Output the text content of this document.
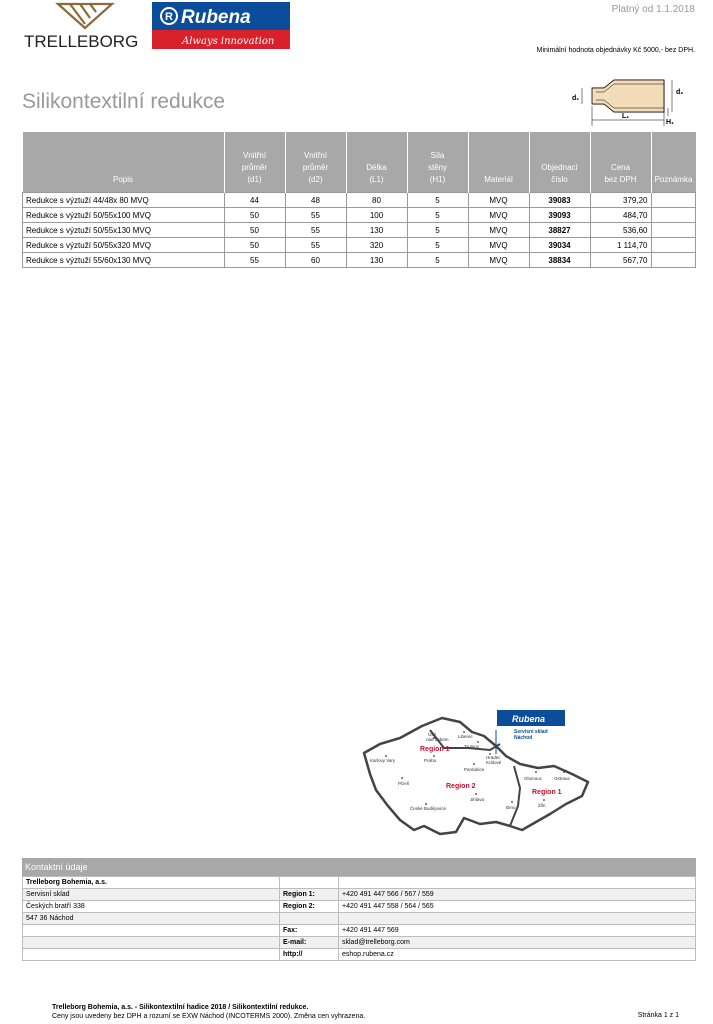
Platný od 1.1.2018
TRELLEBORG
R Rubena
Always innovation
Minimální hodnota objednávky Kč 5000,- bez DPH.
Silikontextilní redukce	d₁
d₂
L₁
H₁
Popis	Vnitřní
průměr
(d1)	Vnitřní
průměr
(d2)	Délka
(L1)	Síla
stěny
(H1)	Materiál	Objednací
číslo	Cena
bez DPH	Poznámka
Redukce s výztuží 44/48x 80 MVQ	44	48	80	5	MVQ	39083	379,20	
Redukce s výztuží 50/55x100 MVQ	50	55	100	5	MVQ	39093	484,70	
Redukce s výztuží 50/55x130 MVQ	50	55	130	5	MVQ	38827	536,60	
Redukce s výztuží 50/55x320 MVQ	50	55	320	5	MVQ	39034	1 114,70	
Redukce s výztuží 55/60x130 MVQ	55	60	130	5	MVQ	38834	567,70	
Rubena
Servisní sklad
Náchod
Region 1
Region 2
Region 1
Ústí
nad Labem
Liberec
Trutnov
Hradec
Králové
Karlovy Vary	Praha
Pardubice
Plzeň
Olomouc	Ostrava
Jihlava
České Budějovice	Brno	Zlín
Kontaktní údaje
Trelleborg Bohemia, a.s.		
Servisní sklad	Region 1:	+420 491 447 566 / 567 / 559
Českých bratří 338	Region 2:	+420 491 447 558 / 564 / 565
547 36 Náchod		
	Fax:	+420 491 447 569
	E-mail:	sklad@trelleborg.com
	http://	eshop.rubena.cz
Trelleborg Bohemia, a.s. - Silikontextilní hadice 2018 / Silikontextilní redukce.
Ceny jsou uvedeny bez DPH a rozumí se EXW Náchod (INCOTERMS 2000). Změna cen vyhrazena.	Stránka 1 z 1
